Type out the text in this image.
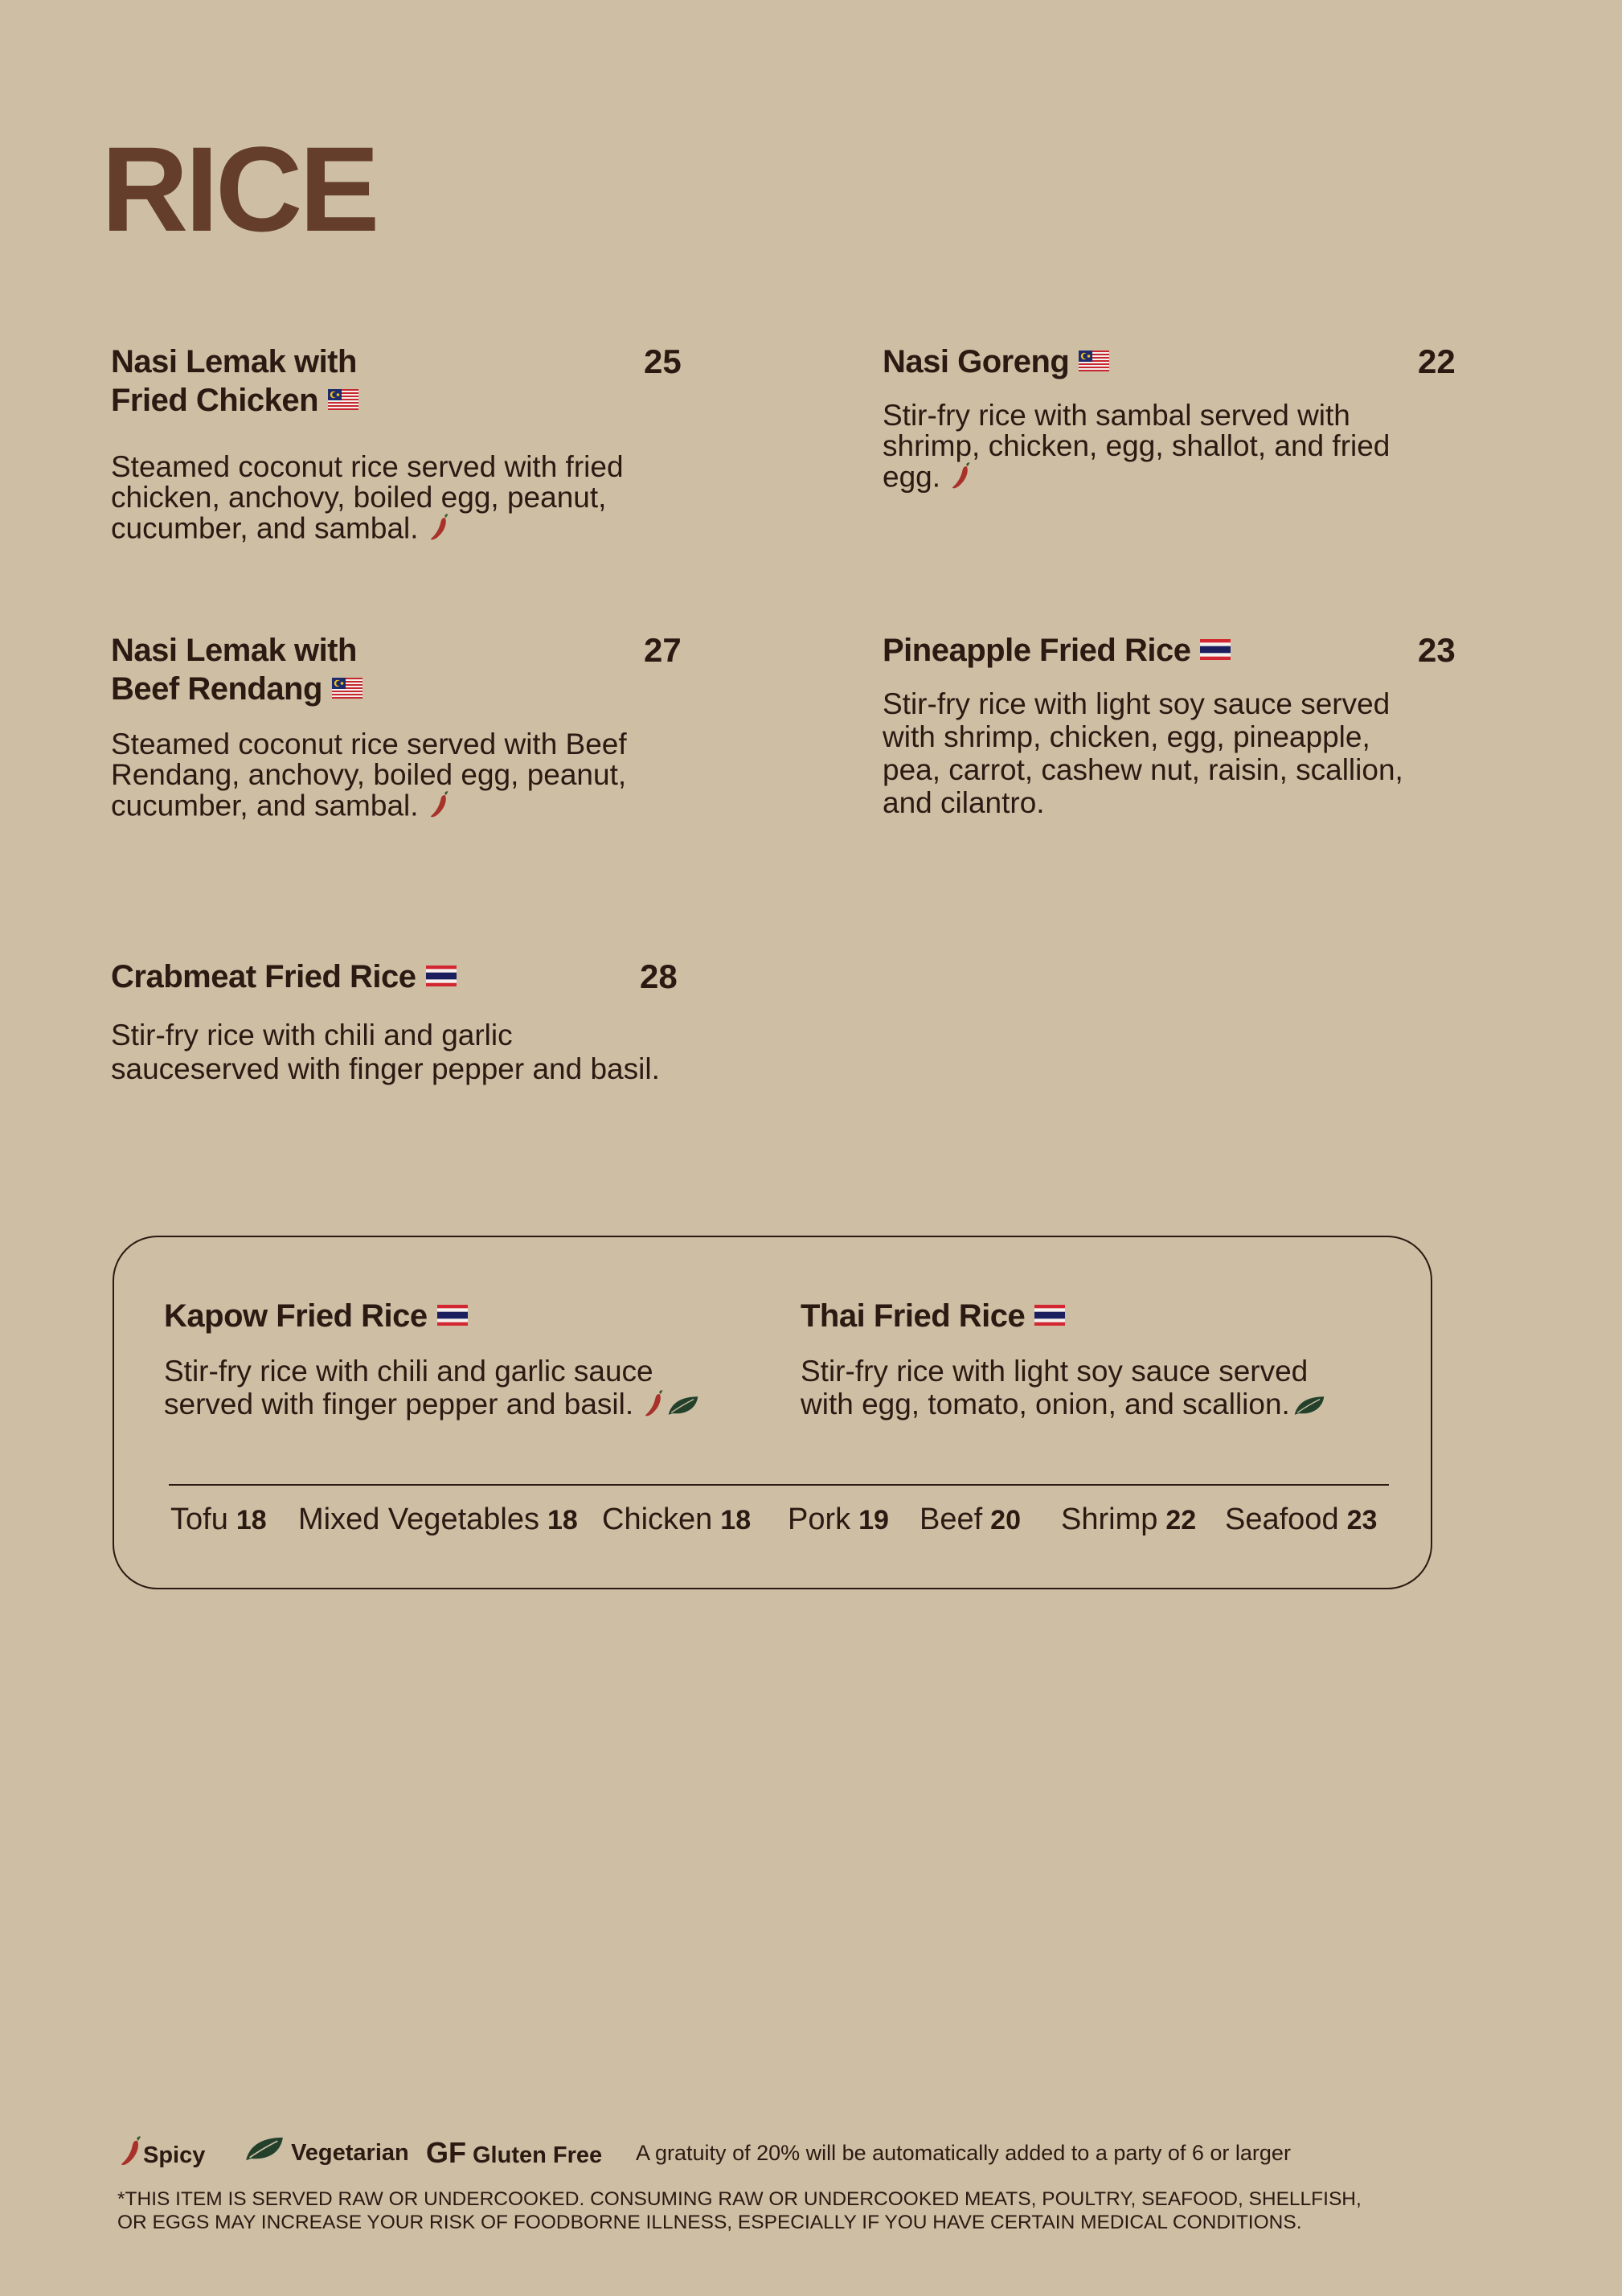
RICE
Nasi Lemak with
Fried Chicken
25

Steamed coconut rice served with fried
chicken, anchovy, boiled egg, peanut,
cucumber, and sambal.

Nasi Goreng	22

Stir-fry rice with sambal served with
shrimp, chicken, egg, shallot, and fried
egg.

Nasi Lemak with
Beef Rendang
27

Steamed coconut rice served with Beef
Rendang, anchovy, boiled egg, peanut,
cucumber, and sambal.

Pineapple Fried Rice	23

Stir-fry rice with light soy sauce served
with shrimp, chicken, egg, pineapple,
pea, carrot, cashew nut, raisin, scallion,
and cilantro.

Crabmeat Fried Rice	28

Stir-fry rice with chili and garlic
sauceserved with finger pepper and basil.

Kapow Fried Rice

Stir-fry rice with chili and garlic sauce
served with finger pepper and basil.

Thai Fried Rice

Stir-fry rice with light soy sauce served
with egg, tomato, onion, and scallion.

Tofu 18 Mixed Vegetables 18 Chicken 18 Pork 19 Beef 20 Shrimp 22 Seafood 23
Spicy	Vegetarian GF Gluten Free A gratuity of 20% will be automatically added to a party of 6 or larger

*THIS ITEM IS SERVED RAW OR UNDERCOOKED. CONSUMING RAW OR UNDERCOOKED MEATS, POULTRY, SEAFOOD, SHELLFISH,
OR EGGS MAY INCREASE YOUR RISK OF FOODBORNE ILLNESS, ESPECIALLY IF YOU HAVE CERTAIN MEDICAL CONDITIONS.
